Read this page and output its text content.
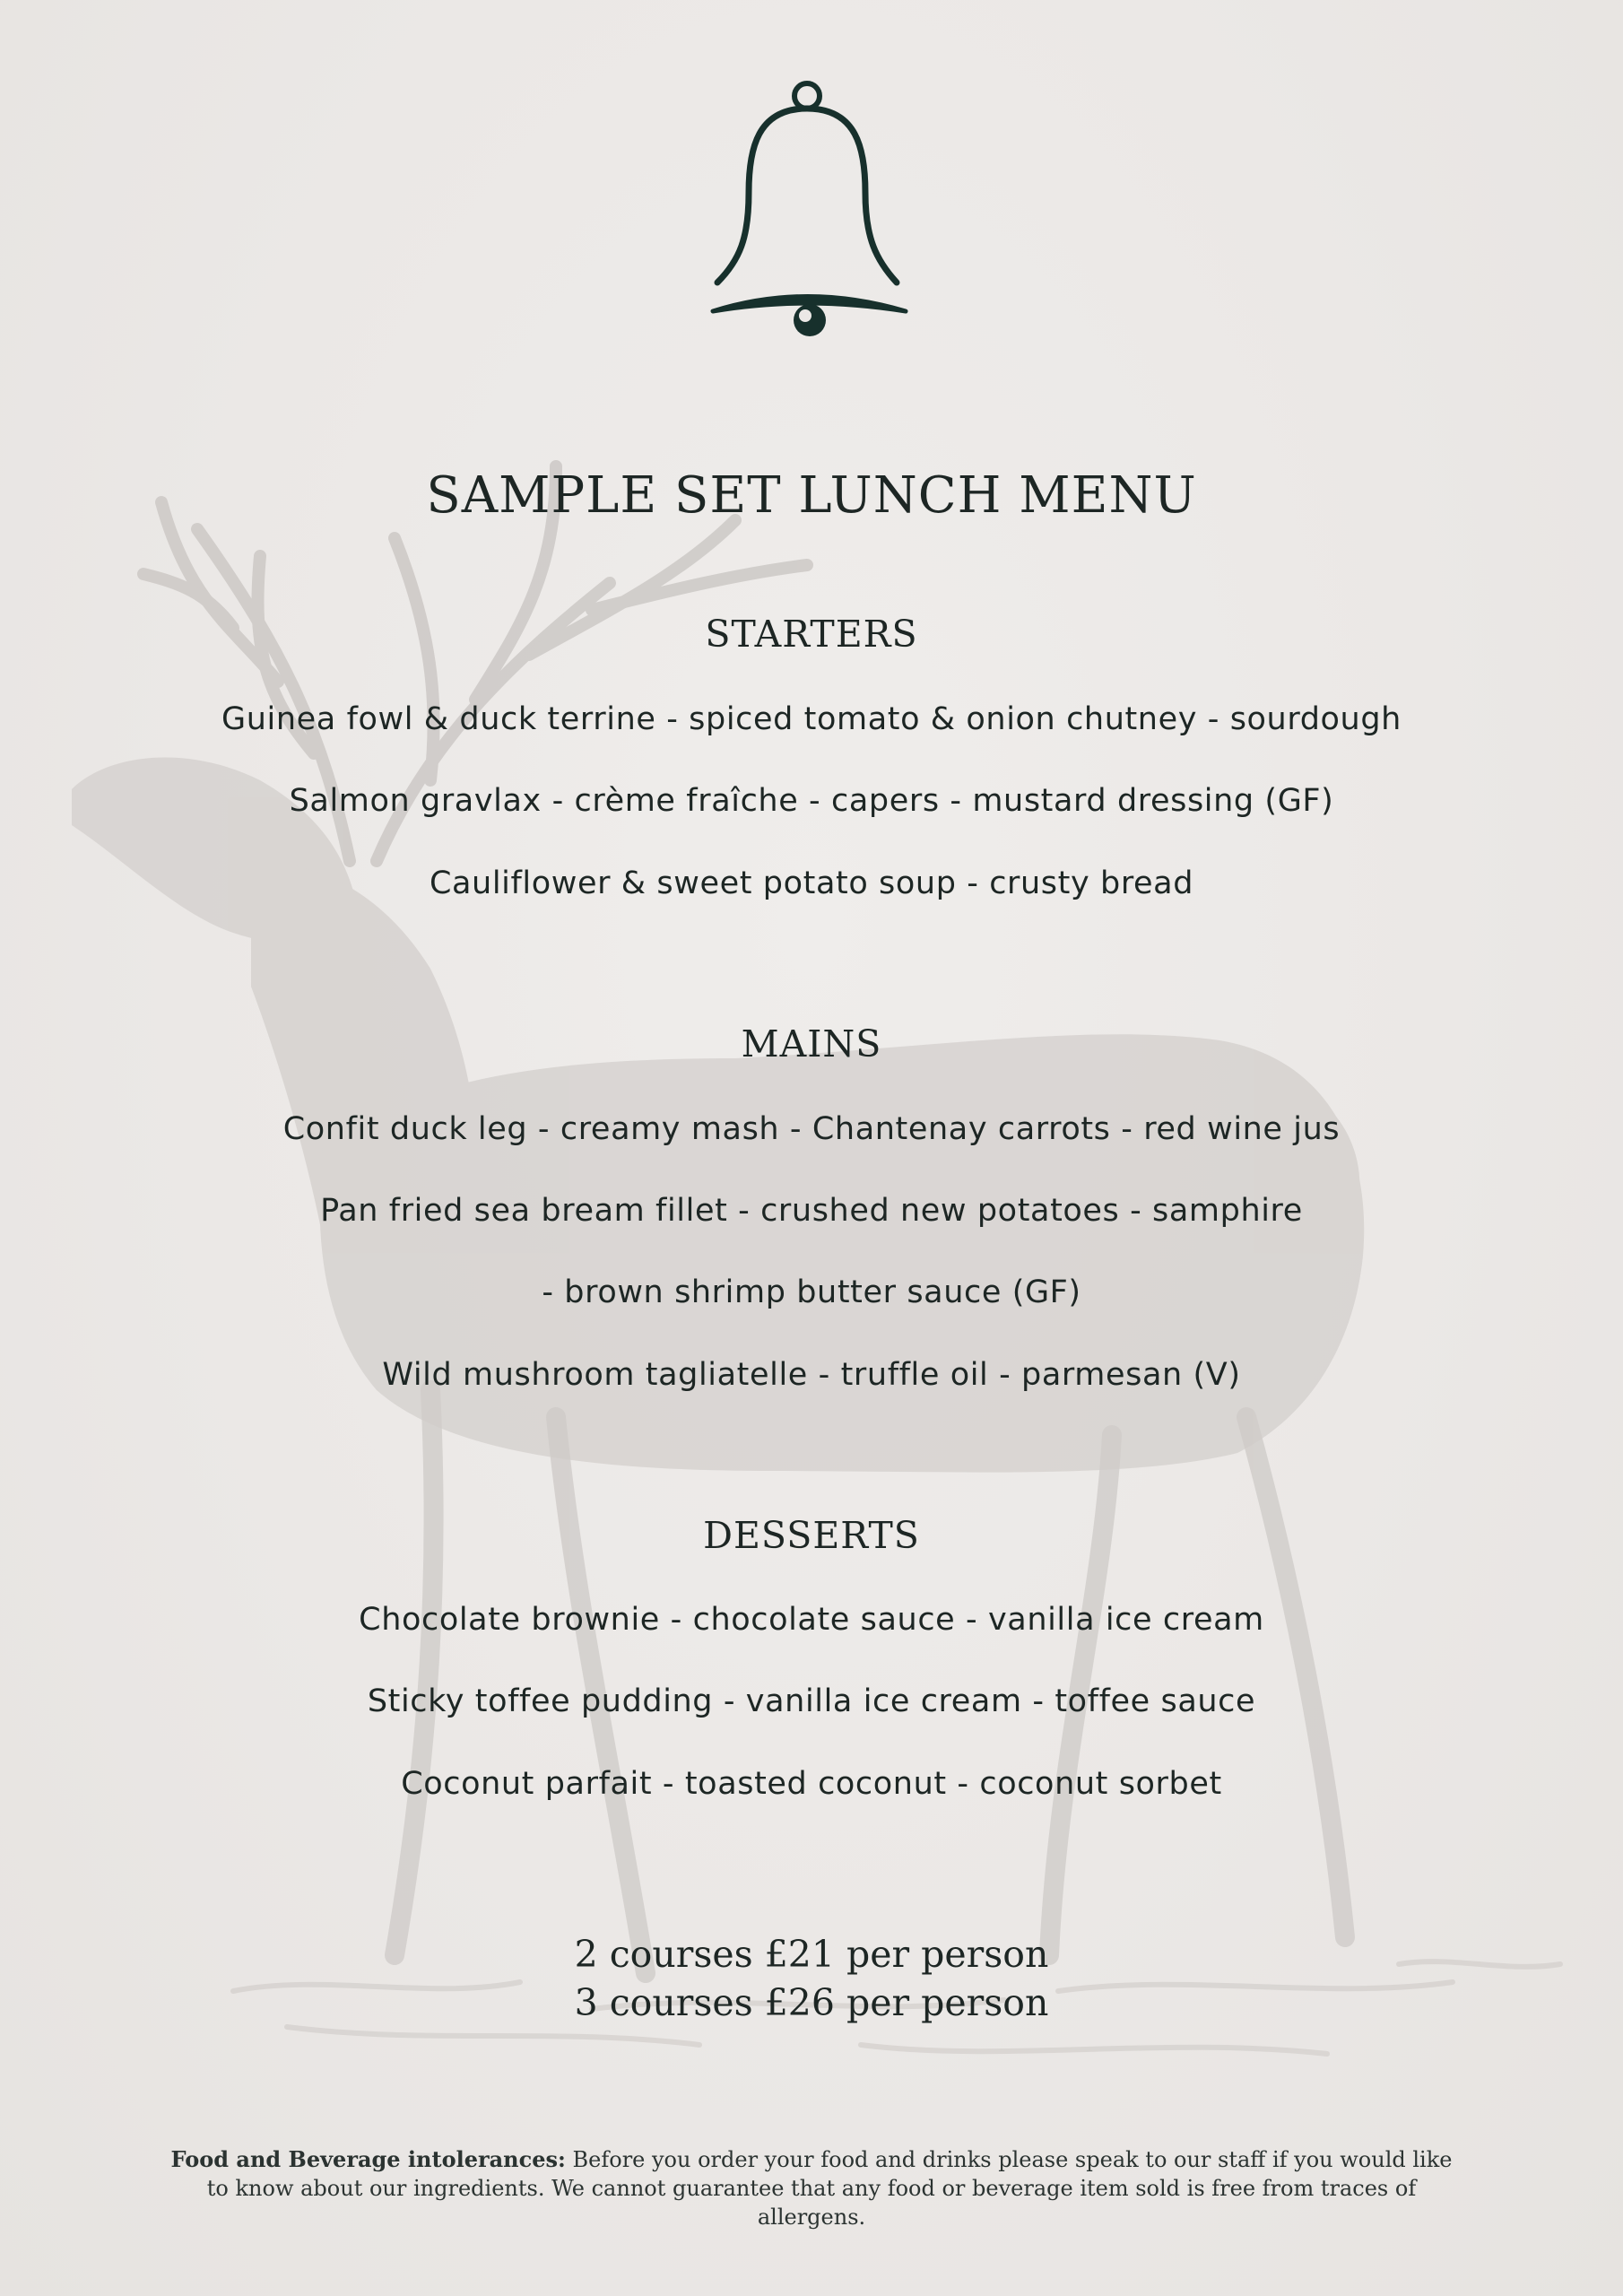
SAMPLE SET LUNCH MENU
STARTERS
Guinea fowl & duck terrine - spiced tomato & onion chutney - sourdough
Salmon gravlax - crème fraîche - capers - mustard dressing (GF)
Cauliflower & sweet potato soup - crusty bread
MAINS
Confit duck leg - creamy mash - Chantenay carrots - red wine jus
Pan fried sea bream fillet - crushed new potatoes - samphire
- brown shrimp butter sauce (GF)
Wild mushroom tagliatelle - truffle oil - parmesan (V)
DESSERTS
Chocolate brownie - chocolate sauce - vanilla ice cream
Sticky toffee pudding - vanilla ice cream - toffee sauce
Coconut parfait - toasted coconut - coconut sorbet
2 courses £21 per person
3 courses £26 per person
Food and Beverage intolerances: Before you order your food and drinks please speak to our staff if you would like to know about our ingredients. We cannot guarantee that any food or beverage item sold is free from traces of allergens.
